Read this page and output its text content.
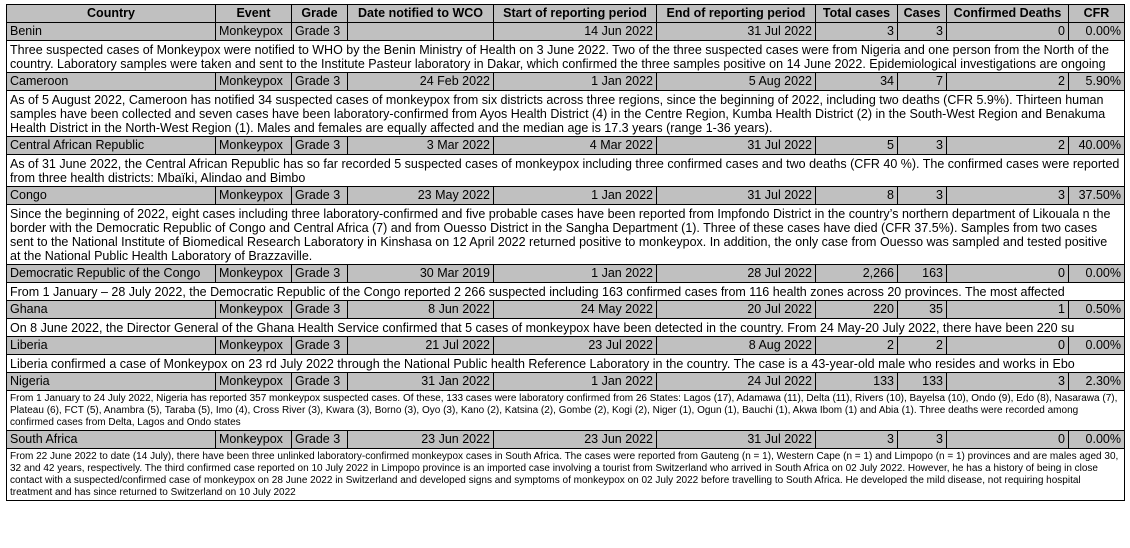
Country	Event	Grade	Date notified to WCO	Start of reporting period	End of reporting period	Total cases	Cases	Confirmed Deaths	CFR
Benin	Monkeypox	Grade 3		14 Jun 2022	31 Jul 2022	3	3	0	0.00%
Three suspected cases of Monkeypox were notified to WHO by the Benin Ministry of Health on 3 June 2022. Two of the three suspected cases were from Nigeria and one person from the North of the country. Laboratory samples were taken and sent to the Institute Pasteur laboratory in Dakar, which confirmed the three samples positive on 14 June 2022. Epidemiological investigations are ongoing									
Cameroon	Monkeypox	Grade 3	24 Feb 2022	1 Jan 2022	5 Aug 2022	34	7	2	5.90%
As of 5 August 2022, Cameroon has notified 34 suspected cases of monkeypox from six districts across three regions, since the beginning of 2022, including two deaths (CFR 5.9%). Thirteen human samples have been collected and seven cases have been laboratory-confirmed from Ayos Health District (4) in the Centre Region, Kumba Health District (2) in the South-West Region and Benakuma Health District in the North-West Region (1). Males and females are equally affected and the median age is 17.3 years (range 1-36 years).									
Central African Republic	Monkeypox	Grade 3	3 Mar 2022	4 Mar 2022	31 Jul 2022	5	3	2	40.00%
As of 31 June 2022, the Central African Republic has so far recorded 5 suspected cases of monkeypox including three confirmed cases and two deaths (CFR 40 %). The confirmed cases were reported from three health districts: Mbaïki, Alindao and Bimbo									
Congo	Monkeypox	Grade 3	23 May 2022	1 Jan 2022	31 Jul 2022	8	3	3	37.50%
Since the beginning of 2022, eight cases including three laboratory-confirmed and five probable cases have been reported from Impfondo District in the country’s northern department of Likouala n the border with the Democratic Republic of Congo and Central Africa (7) and from Ouesso District in the Sangha Department (1). Three of these cases have died (CFR 37.5%). Samples from two cases sent to the National Institute of Biomedical Research Laboratory in Kinshasa on 12 April 2022 returned positive to monkeypox. In addition, the only case from Ouesso was sampled and tested positive at the National Public Health Laboratory of Brazzaville.									
Democratic Republic of the Congo	Monkeypox	Grade 3	30 Mar 2019	1 Jan 2022	28 Jul 2022	2,266	163	0	0.00%
From 1 January – 28 July 2022, the Democratic Republic of the Congo reported 2 266 suspected including 163 confirmed cases from 116 health zones across 20 provinces. The most affected									
Ghana	Monkeypox	Grade 3	8 Jun 2022	24 May 2022	20 Jul 2022	220	35	1	0.50%
On 8 June 2022, the Director General of the Ghana Health Service confirmed that 5 cases of monkeypox have been detected in the country. From 24 May-20 July 2022, there have been 220 su									
Liberia	Monkeypox	Grade 3	21 Jul 2022	23 Jul 2022	8 Aug 2022	2	2	0	0.00%
Liberia confirmed a case of Monkeypox on 23 rd July 2022 through the National Public health Reference Laboratory in the country. The case is a 43-year-old male who resides and works in Ebo									
Nigeria	Monkeypox	Grade 3	31 Jan 2022	1 Jan 2022	24 Jul 2022	133	133	3	2.30%
From 1 January to 24 July 2022, Nigeria has reported 357 monkeypox suspected cases. Of these, 133 cases were laboratory confirmed from 26 States: Lagos (17), Adamawa (11), Delta (11), Rivers (10), Bayelsa (10), Ondo (9), Edo (8), Nasarawa (7), Plateau (6), FCT (5), Anambra (5), Taraba (5), Imo (4), Cross River (3), Kwara (3), Borno (3), Oyo (3), Kano (2), Katsina (2), Gombe (2), Kogi (2), Niger (1), Ogun (1), Bauchi (1), Akwa Ibom (1) and Abia (1). Three deaths were recorded among confirmed cases from Delta, Lagos and Ondo states									
South Africa	Monkeypox	Grade 3	23 Jun 2022	23 Jun 2022	31 Jul 2022	3	3	0	0.00%
From 22 June 2022 to date (14 July), there have been three unlinked laboratory-confirmed monkeypox cases in South Africa. The cases were reported from Gauteng (n = 1), Western Cape (n = 1) and Limpopo (n = 1) provinces and are males aged 30, 32 and 42 years, respectively. The third confirmed case reported on 10 July 2022 in Limpopo province is an imported case involving a tourist from Switzerland who arrived in South Africa on 02 July 2022. However, he has a history of being in close contact with a suspected/confirmed case of monkeypox on 28 June 2022 in Switzerland and developed signs and symptoms of monkeypox on 02 July 2022 before travelling to South Africa. He developed the mild disease, not requiring hospital treatment and has since returned to Switzerland on 10 July 2022									
